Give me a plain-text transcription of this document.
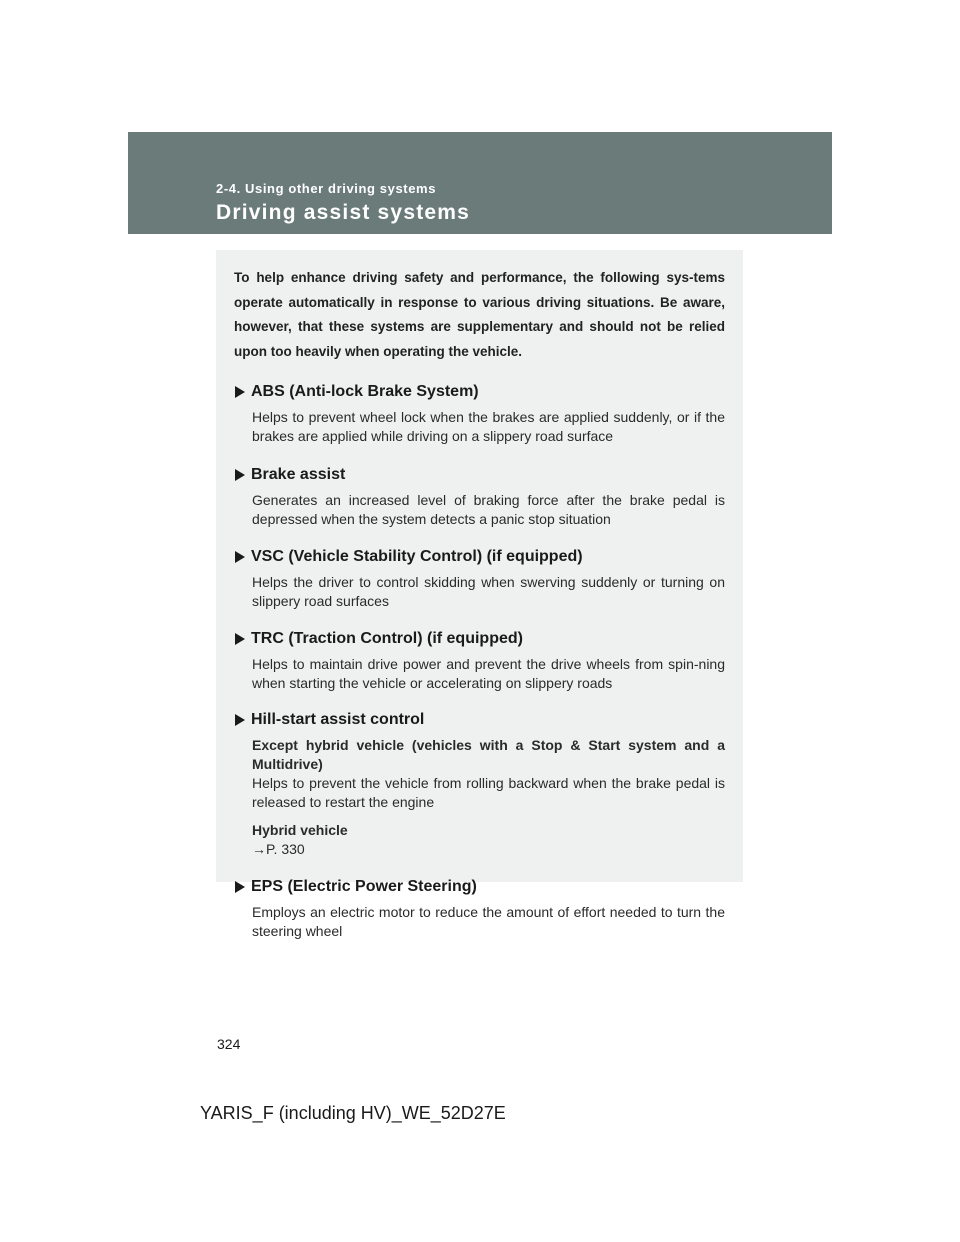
2-4. Using other driving systems
Driving assist systems

To help enhance driving safety and performance, the following sys-tems operate automatically in response to various driving situations. Be aware, however, that these systems are supplementary and should not be relied upon too heavily when operating the vehicle.

ABS (Anti-lock Brake System)

Helps to prevent wheel lock when the brakes are applied suddenly, or if the brakes are applied while driving on a slippery road surface

Brake assist

Generates an increased level of braking force after the brake pedal is depressed when the system detects a panic stop situation

VSC (Vehicle Stability Control) (if equipped)

Helps the driver to control skidding when swerving suddenly or turning on slippery road surfaces

TRC (Traction Control) (if equipped)

Helps to maintain drive power and prevent the drive wheels from spin-ning when starting the vehicle or accelerating on slippery roads

Hill-start assist control

Except hybrid vehicle (vehicles with a Stop & Start system and a Multidrive)

Helps to prevent the vehicle from rolling backward when the brake pedal is released to restart the engine

Hybrid vehicle

→P. 330

EPS (Electric Power Steering)

Employs an electric motor to reduce the amount of effort needed to turn the steering wheel

324
YARIS_F (including HV)_WE_52D27E
